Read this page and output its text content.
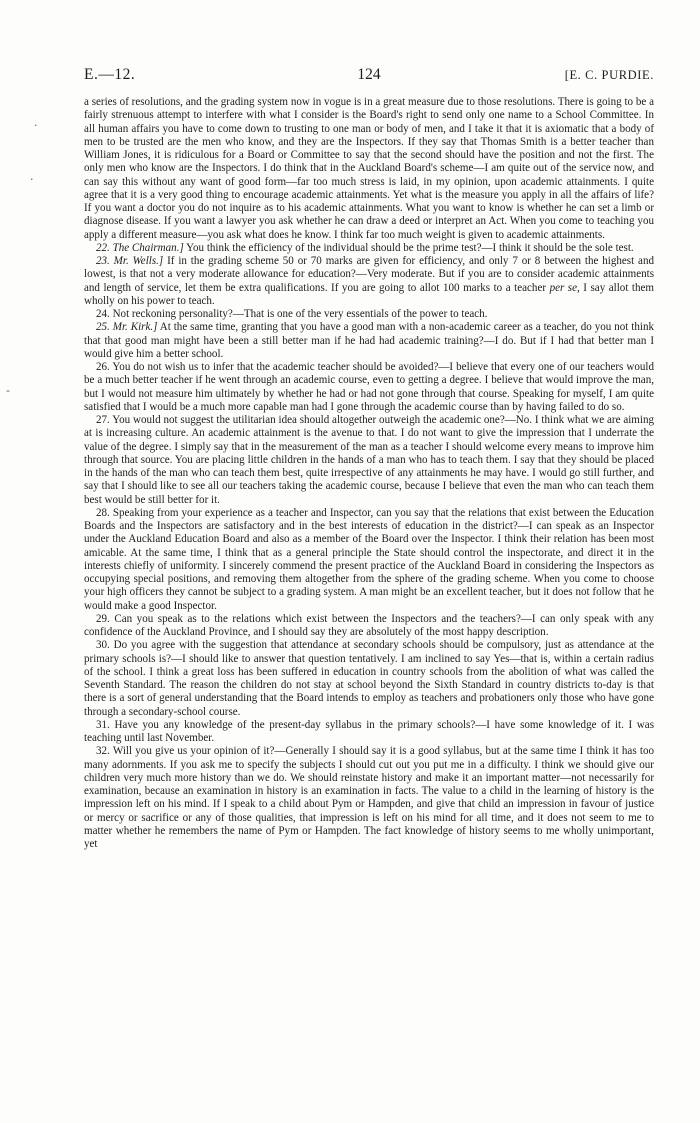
E.—12.	124	[E. C. PURDIE.
·
·
-

a series of resolutions, and the grading system now in vogue is in a great measure due to those resolutions. There is going to be a fairly strenuous attempt to interfere with what I consider is the Board's right to send only one name to a School Committee. In all human affairs you have to come down to trusting to one man or body of men, and I take it that it is axiomatic that a body of men to be trusted are the men who know, and they are the Inspectors. If they say that Thomas Smith is a better teacher than William Jones, it is ridiculous for a Board or Committee to say that the second should have the position and not the first. The only men who know are the Inspectors. I do think that in the Auckland Board's scheme—I am quite out of the service now, and can say this without any want of good form—far too much stress is laid, in my opinion, upon academic attainments. I quite agree that it is a very good thing to encourage academic attainments. Yet what is the measure you apply in all the affairs of life? If you want a doctor you do not inquire as to his academic attainments. What you want to know is whether he can set a limb or diagnose disease. If you want a lawyer you ask whether he can draw a deed or interpret an Act. When you come to teaching you apply a different measure—you ask what does he know. I think far too much weight is given to academic attainments.

22. The Chairman.] You think the efficiency of the individual should be the prime test?—I think it should be the sole test.

23. Mr. Wells.] If in the grading scheme 50 or 70 marks are given for efficiency, and only 7 or 8 between the highest and lowest, is that not a very moderate allowance for education?—Very moderate. But if you are to consider academic attainments and length of service, let them be extra qualifications. If you are going to allot 100 marks to a teacher per se, I say allot them wholly on his power to teach.

24. Not reckoning personality?—That is one of the very essentials of the power to teach.

25. Mr. Kirk.] At the same time, granting that you have a good man with a non-academic career as a teacher, do you not think that that good man might have been a still better man if he had had academic training?—I do. But if I had that better man I would give him a better school.

26. You do not wish us to infer that the academic teacher should be avoided?—I believe that every one of our teachers would be a much better teacher if he went through an academic course, even to getting a degree. I believe that would improve the man, but I would not measure him ultimately by whether he had or had not gone through that course. Speaking for myself, I am quite satisfied that I would be a much more capable man had I gone through the academic course than by having failed to do so.

27. You would not suggest the utilitarian idea should altogether outweigh the academic one?—No. I think what we are aiming at is increasing culture. An academic attainment is the avenue to that. I do not want to give the impression that I underrate the value of the degree. I simply say that in the measurement of the man as a teacher I should welcome every means to improve him through that source. You are placing little children in the hands of a man who has to teach them. I say that they should be placed in the hands of the man who can teach them best, quite irrespective of any attainments he may have. I would go still further, and say that I should like to see all our teachers taking the academic course, because I believe that even the man who can teach them best would be still better for it.

28. Speaking from your experience as a teacher and Inspector, can you say that the relations that exist between the Education Boards and the Inspectors are satisfactory and in the best interests of education in the district?—I can speak as an Inspector under the Auckland Education Board and also as a member of the Board over the Inspector. I think their relation has been most amicable. At the same time, I think that as a general principle the State should control the inspectorate, and direct it in the interests chiefly of uniformity. I sincerely commend the present practice of the Auckland Board in considering the Inspectors as occupying special positions, and removing them altogether from the sphere of the grading scheme. When you come to choose your high officers they cannot be subject to a grading system. A man might be an excellent teacher, but it does not follow that he would make a good Inspector.

29. Can you speak as to the relations which exist between the Inspectors and the teachers?—I can only speak with any confidence of the Auckland Province, and I should say they are absolutely of the most happy description.

30. Do you agree with the suggestion that attendance at secondary schools should be compulsory, just as attendance at the primary schools is?—I should like to answer that question tentatively. I am inclined to say Yes—that is, within a certain radius of the school. I think a great loss has been suffered in education in country schools from the abolition of what was called the Seventh Standard. The reason the children do not stay at school beyond the Sixth Standard in country districts to-day is that there is a sort of general understanding that the Board intends to employ as teachers and probationers only those who have gone through a secondary-school course.

31. Have you any knowledge of the present-day syllabus in the primary schools?—I have some knowledge of it. I was teaching until last November.

32. Will you give us your opinion of it?—Generally I should say it is a good syllabus, but at the same time I think it has too many adornments. If you ask me to specify the subjects I should cut out you put me in a difficulty. I think we should give our children very much more history than we do. We should reinstate history and make it an important matter—not necessarily for examination, because an examination in history is an examination in facts. The value to a child in the learning of history is the impression left on his mind. If I speak to a child about Pym or Hampden, and give that child an impression in favour of justice or mercy or sacrifice or any of those qualities, that impression is left on his mind for all time, and it does not seem to me to matter whether he remembers the name of Pym or Hampden. The fact knowledge of history seems to me wholly unimportant, yet
